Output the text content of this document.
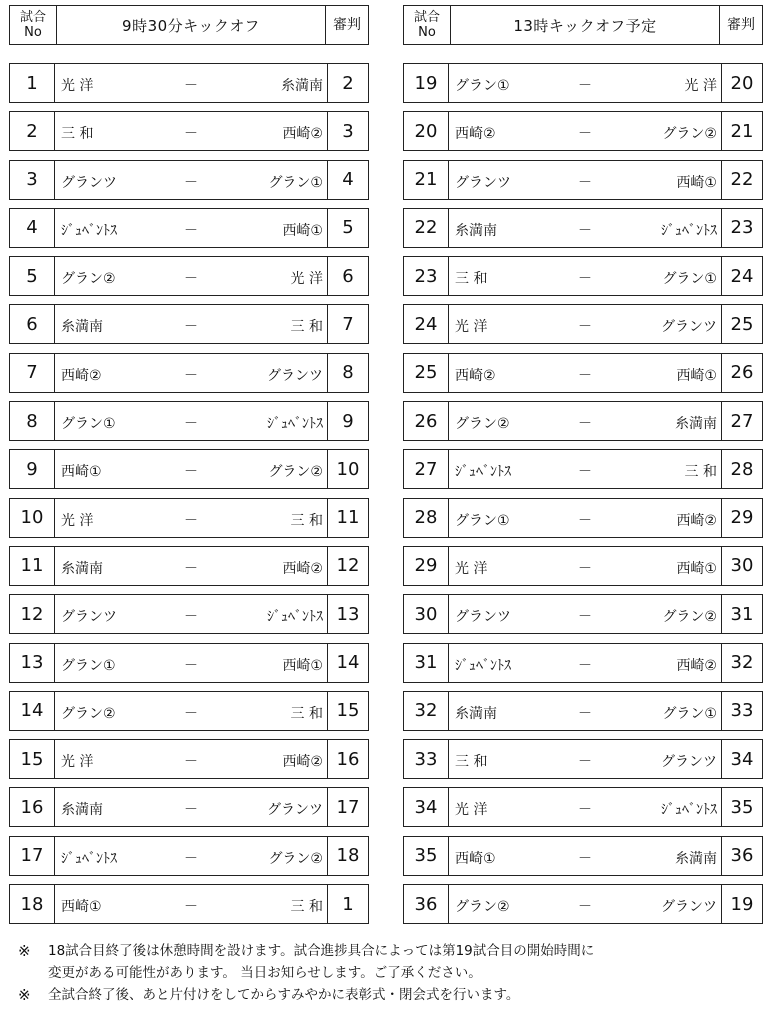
試合
No	9時30分キックオフ	審判
1	光 洋	－	糸満南	2
2	三 和	－	西崎②	3
3	グランツ	－	グラン①	4
4	ｼﾞｭﾍﾞﾝﾄｽ	－	西崎①	5
5	グラン②	－	光 洋	6
6	糸満南	－	三 和	7
7	西崎②	－	グランツ	8
8	グラン①	－	ｼﾞｭﾍﾞﾝﾄｽ	9
9	西崎①	－	グラン② 10
10	光 洋	－	三 和 11
11	糸満南	－	西崎② 12
12	グランツ	－	ｼﾞｭﾍﾞﾝﾄｽ 13
13	グラン①	－	西崎① 14
14	グラン②	－	三 和 15
15	光 洋	－	西崎② 16
16	糸満南	－	グランツ 17
17	ｼﾞｭﾍﾞﾝﾄｽ	－	グラン② 18
18	西崎①	－	三 和	1
試合
No	13時キックオフ予定	審判
19	グラン①	－	光 洋 20
20	西崎②	－	グラン② 21
21	グランツ	－	西崎① 22
22	糸満南	－	ｼﾞｭﾍﾞﾝﾄｽ 23
23	三 和	－	グラン① 24
24	光 洋	－	グランツ 25
25	西崎②	－	西崎① 26
26	グラン②	－	糸満南 27
27	ｼﾞｭﾍﾞﾝﾄｽ	－	三 和 28
28	グラン①	－	西崎② 29
29	光 洋	－	西崎① 30
30	グランツ	－	グラン② 31
31	ｼﾞｭﾍﾞﾝﾄｽ	－	西崎② 32
32	糸満南	－	グラン① 33
33	三 和	－	グランツ 34
34	光 洋	－	ｼﾞｭﾍﾞﾝﾄｽ 35
35	西崎①	－	糸満南 36
36	グラン②	－	グランツ 19
※ 18試合目終了後は休憩時間を設けます。試合進捗具合によっては第19試合目の開始時間に
変更がある可能性があります。 当日お知らせします。ご了承ください。
※ 全試合終了後、あと片付けをしてからすみやかに表彰式・閉会式を行います。
